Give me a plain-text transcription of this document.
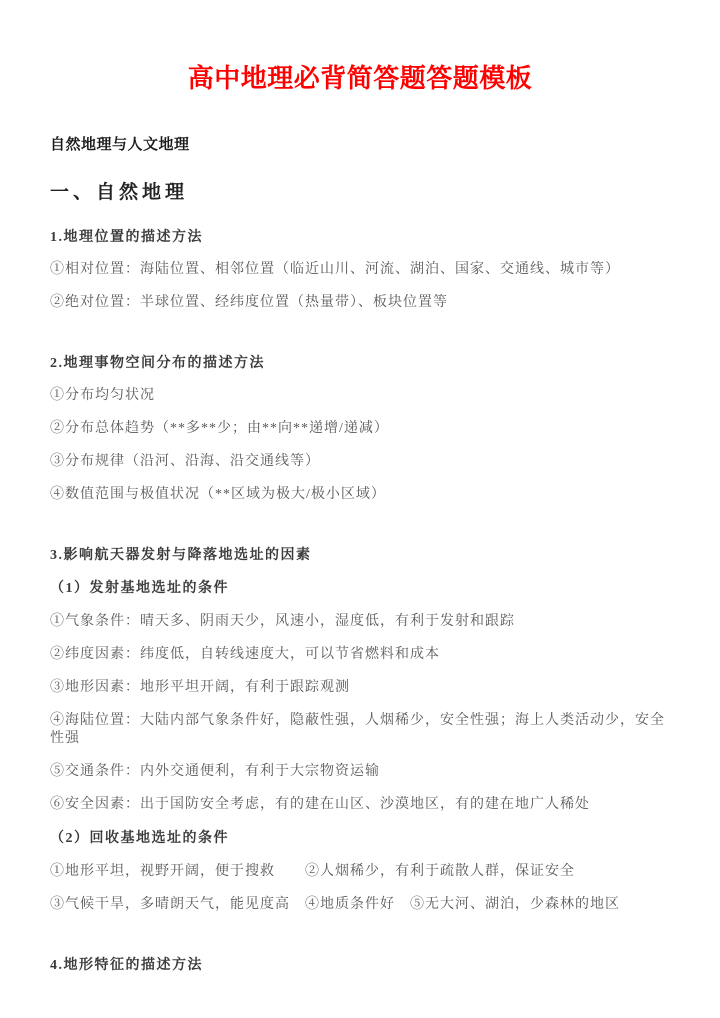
高中地理必背简答题答题模板
自然地理与人文地理
一、自然地理
1.地理位置的描述方法

①相对位置：海陆位置、相邻位置（临近山川、河流、湖泊、国家、交通线、城市等）

②绝对位置：半球位置、经纬度位置（热量带）、板块位置等

2.地理事物空间分布的描述方法

①分布均匀状况

②分布总体趋势（**多**少；由**向**递增/递减）

③分布规律（沿河、沿海、沿交通线等）

④数值范围与极值状况（**区域为极大/极小区域）

3.影响航天器发射与降落地选址的因素
（1）发射基地选址的条件

①气象条件：晴天多、阴雨天少，风速小，湿度低，有利于发射和跟踪

②纬度因素：纬度低，自转线速度大，可以节省燃料和成本

③地形因素：地形平坦开阔，有利于跟踪观测

④海陆位置：大陆内部气象条件好，隐蔽性强，人烟稀少，安全性强；海上人类活动少，安全性强

⑤交通条件：内外交通便利，有利于大宗物资运输

⑥安全因素：出于国防安全考虑，有的建在山区、沙漠地区，有的建在地广人稀处

（2）回收基地选址的条件

①地形平坦，视野开阔，便于搜救　　②人烟稀少，有利于疏散人群，保证安全

③气候干旱，多晴朗天气，能见度高　④地质条件好　⑤无大河、湖泊，少森林的地区

4.地形特征的描述方法
